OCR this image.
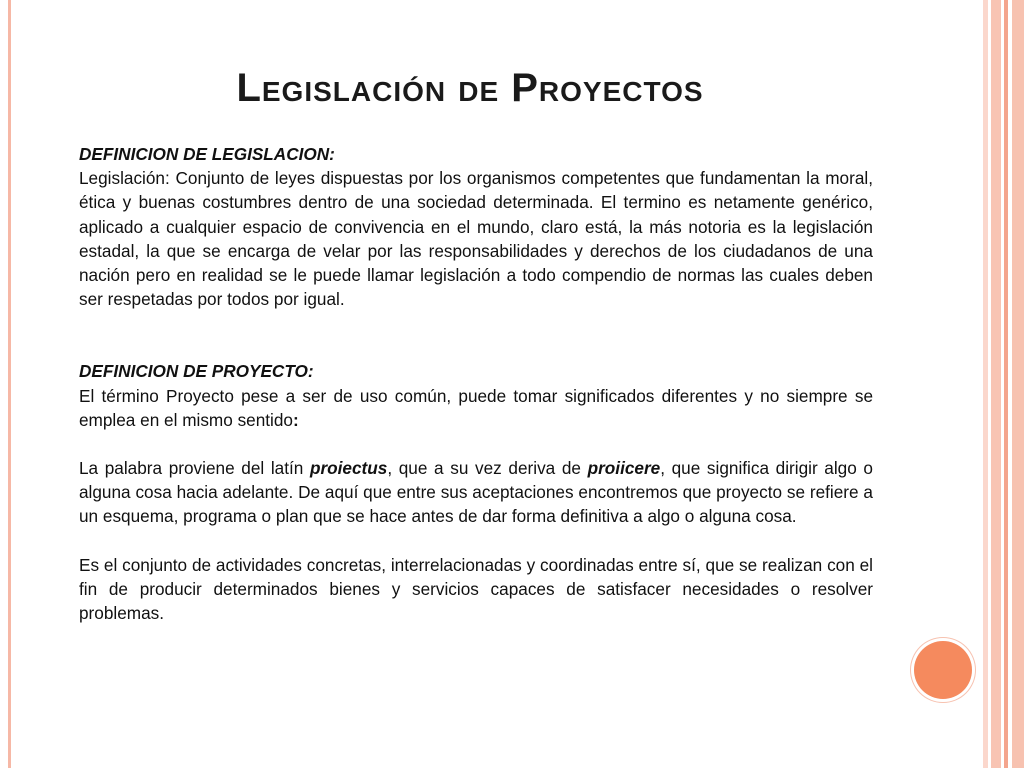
Legislación de Proyectos

DEFINICION DE LEGISLACION:

Legislación: Conjunto de leyes dispuestas por los organismos competentes que fundamentan la moral, ética y buenas costumbres dentro de una sociedad determinada. El termino es netamente genérico, aplicado a cualquier espacio de convivencia en el mundo, claro está, la más notoria es la legislación estadal, la que se encarga de velar por las responsabilidades y derechos de los ciudadanos de una nación pero en realidad se le puede llamar legislación a todo compendio de normas las cuales deben ser respetadas por todos por igual.

DEFINICION DE PROYECTO:

El término Proyecto pese a ser de uso común, puede tomar significados diferentes y no siempre se emplea en el mismo sentido:

La palabra proviene del latín proiectus, que a su vez deriva de proiicere, que significa dirigir algo o alguna cosa hacia adelante. De aquí que entre sus aceptaciones encontremos que proyecto se refiere a un esquema, programa o plan que se hace antes de dar forma definitiva a algo o alguna cosa.

Es el conjunto de actividades concretas, interrelacionadas y coordinadas entre sí, que se realizan con el fin de producir determinados bienes y servicios capaces de satisfacer necesidades o resolver problemas.
